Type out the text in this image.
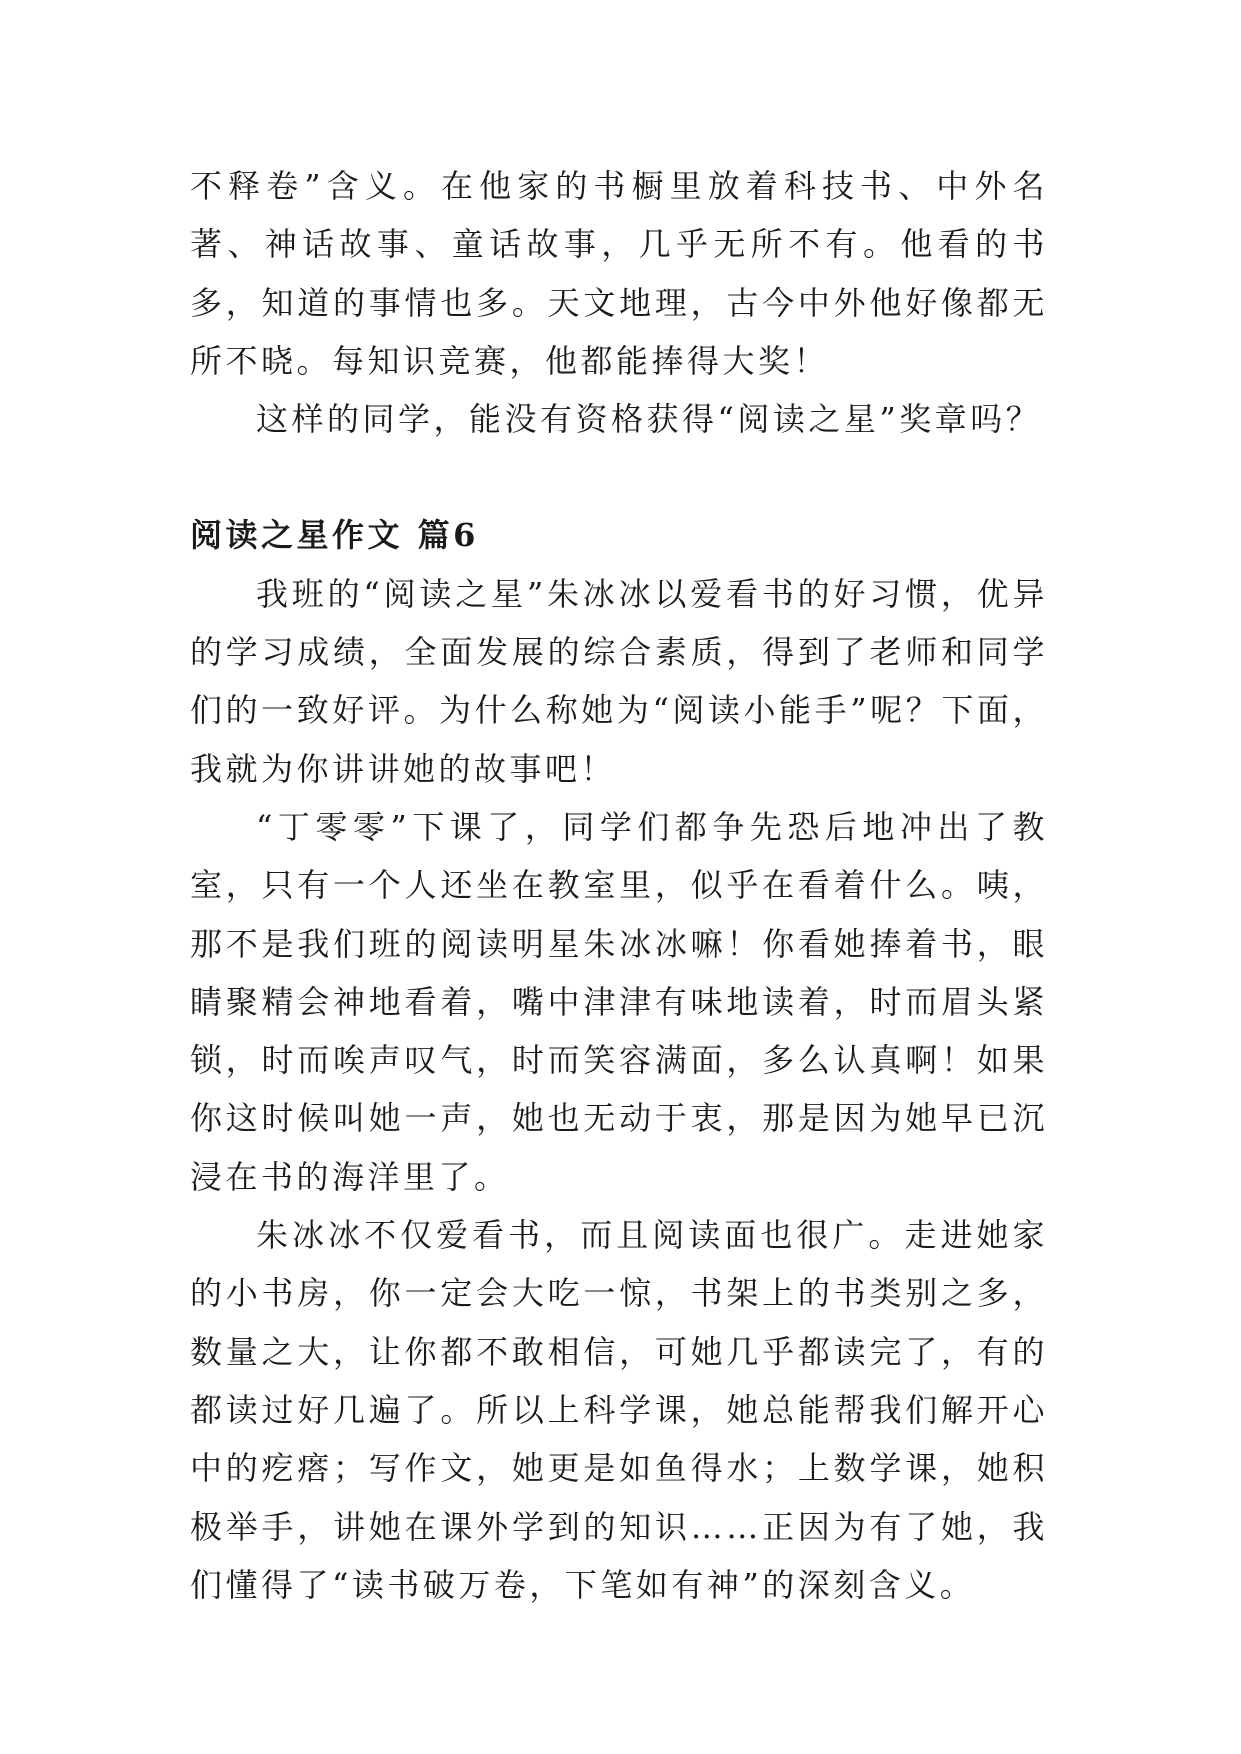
不释卷”含义。在他家的书橱里放着科技书、中外名著、神话故事、童话故事，几乎无所不有。他看的书多，知道的事情也多。天文地理，古今中外他好像都无所不晓。每知识竞赛，他都能捧得大奖！

这样的同学，能没有资格获得“阅读之星”奖章吗？

阅读之星作文 篇6

我班的“阅读之星”朱冰冰以爱看书的好习惯，优异的学习成绩，全面发展的综合素质，得到了老师和同学们的一致好评。为什么称她为“阅读小能手”呢？下面，我就为你讲讲她的故事吧！

“丁零零”下课了，同学们都争先恐后地冲出了教室，只有一个人还坐在教室里，似乎在看着什么。咦，那不是我们班的阅读明星朱冰冰嘛！你看她捧着书，眼睛聚精会神地看着，嘴中津津有味地读着，时而眉头紧锁，时而唉声叹气，时而笑容满面，多么认真啊！如果你这时候叫她一声，她也无动于衷，那是因为她早已沉浸在书的海洋里了。

朱冰冰不仅爱看书，而且阅读面也很广。走进她家的小书房，你一定会大吃一惊，书架上的书类别之多，数量之大，让你都不敢相信，可她几乎都读完了，有的都读过好几遍了。所以上科学课，她总能帮我们解开心中的疙瘩；写作文，她更是如鱼得水；上数学课，她积极举手，讲她在课外学到的知识……正因为有了她，我们懂得了“读书破万卷，下笔如有神”的深刻含义。
